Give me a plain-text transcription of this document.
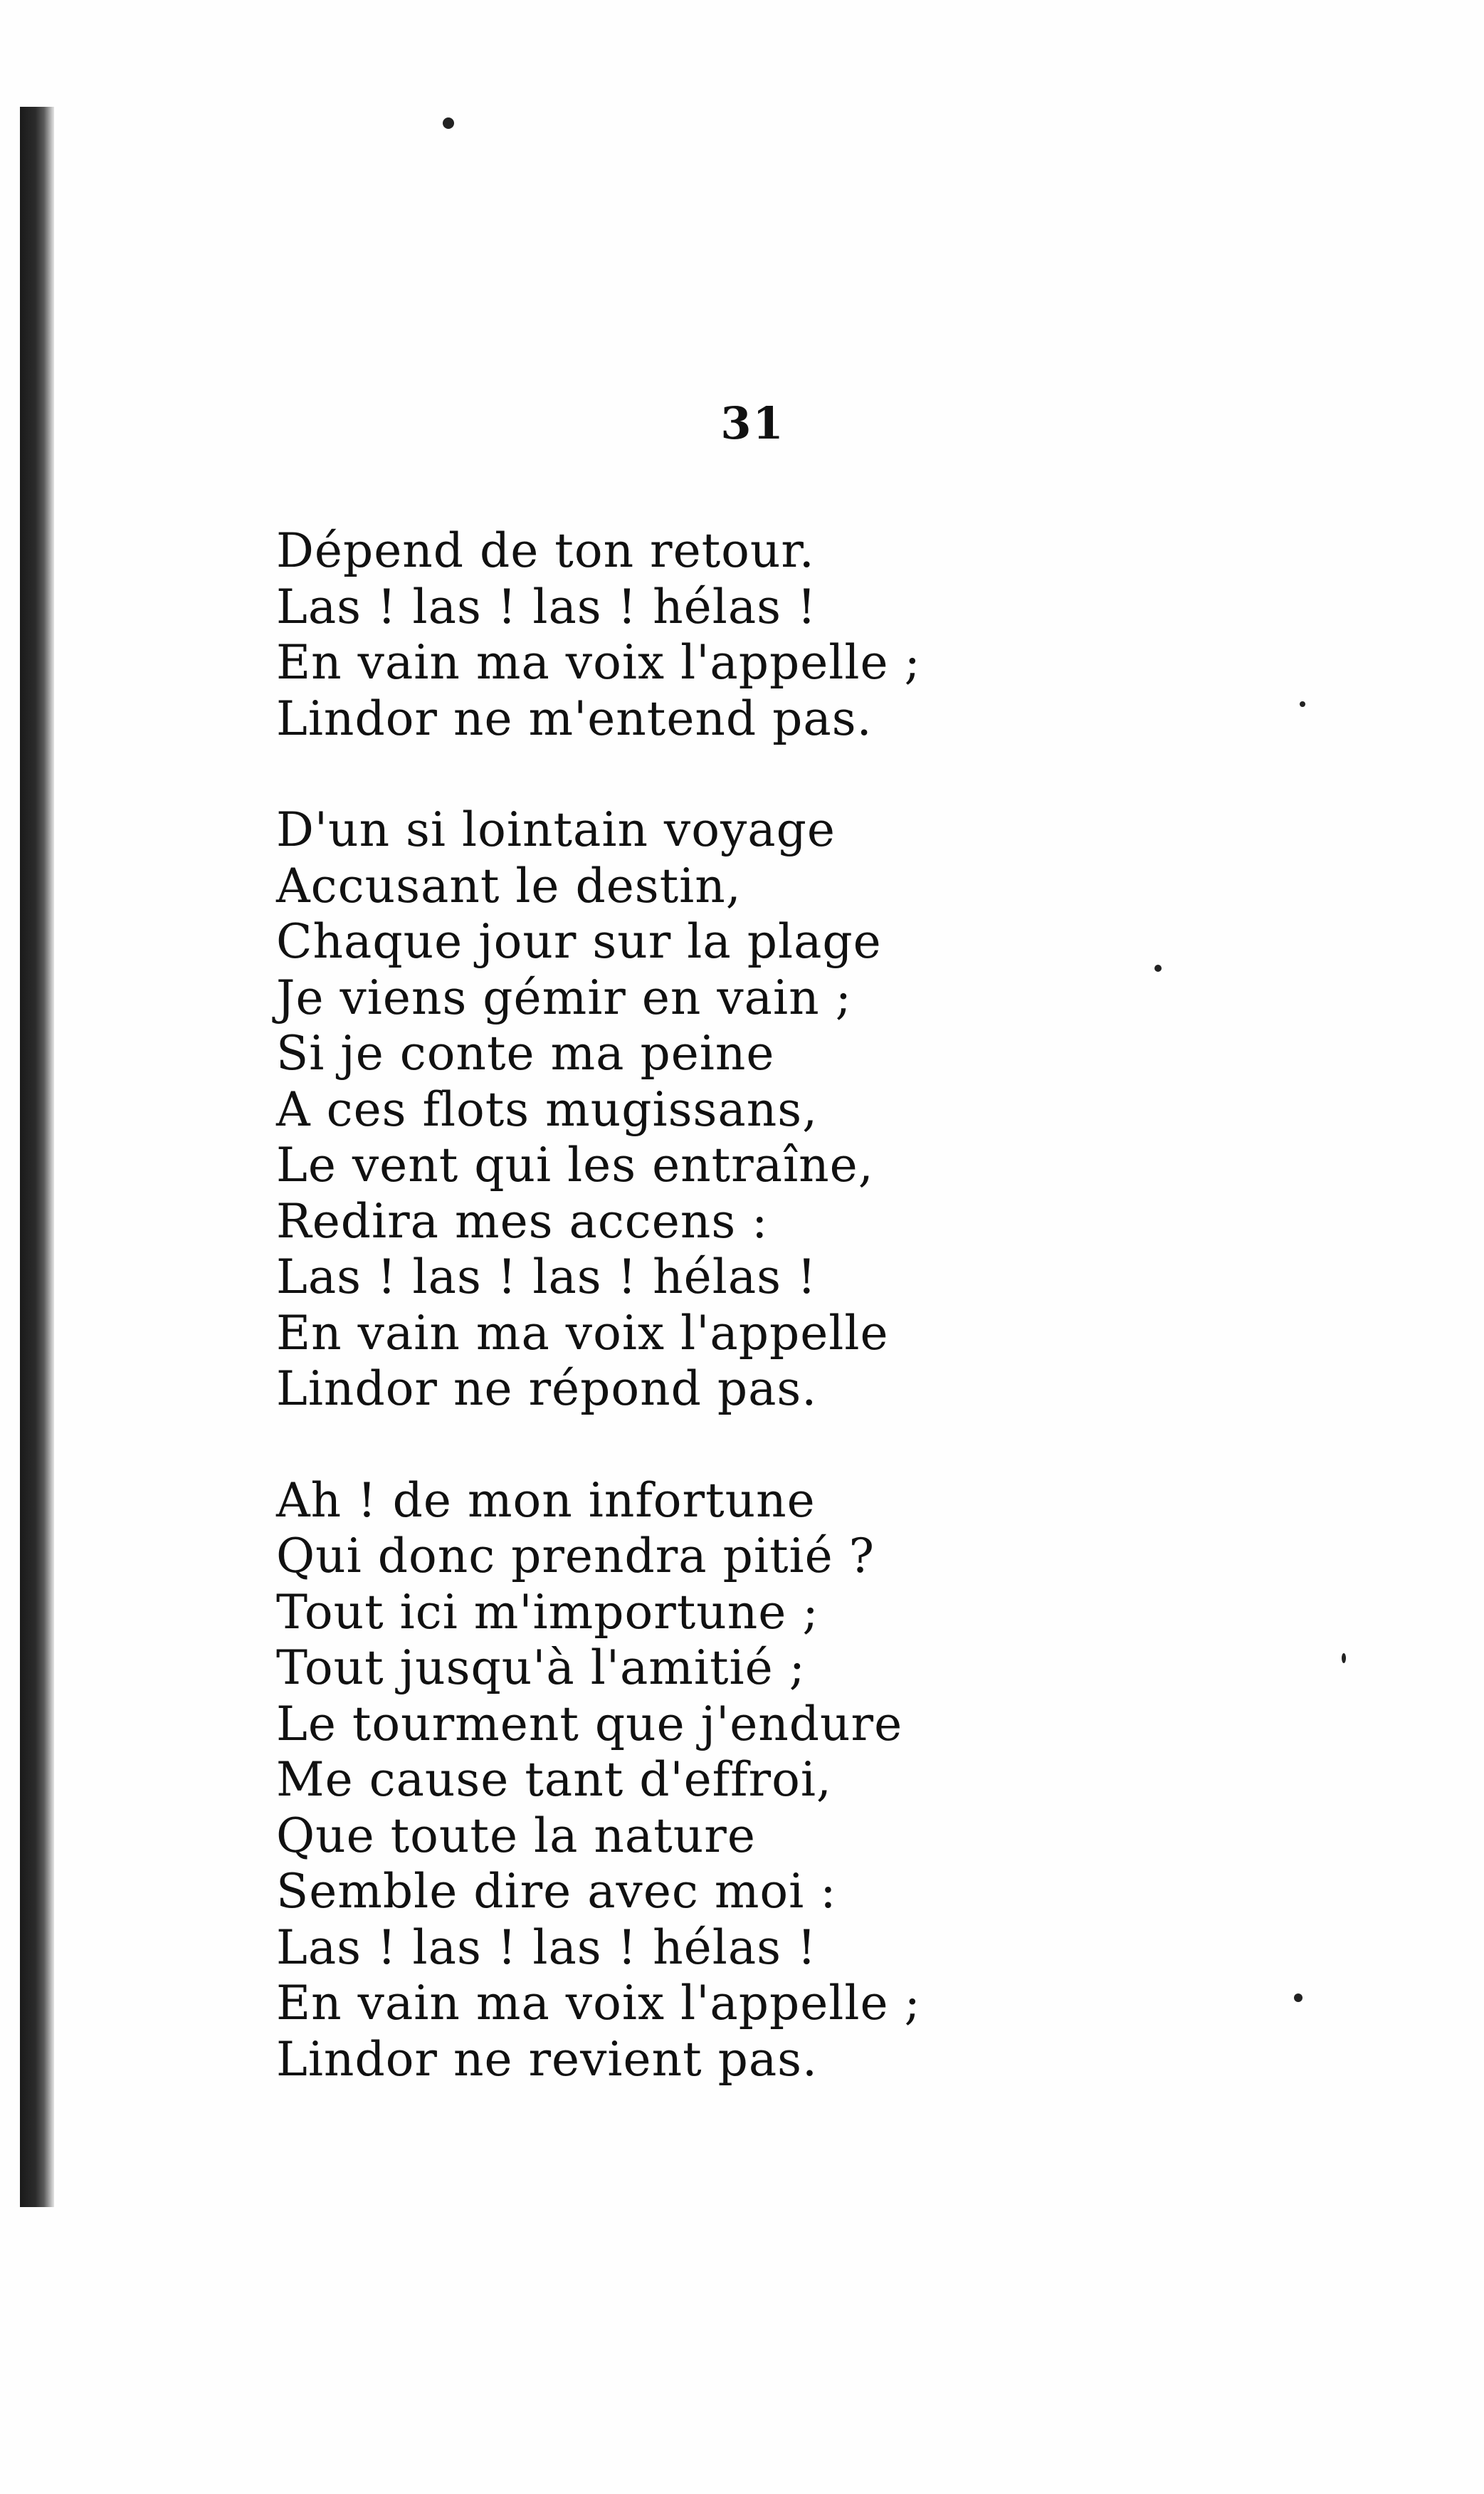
31
Dépend de ton retour.
Las ! las ! las ! hélas !
En vain ma voix l'appelle ;
Lindor ne m'entend pas.
D'un si lointain voyage
Accusant le destin,
Chaque jour sur la plage
Je viens gémir en vain ;
Si je conte ma peine
A ces flots mugissans,
Le vent qui les entraîne,
Redira mes accens :
Las ! las ! las ! hélas !
En vain ma voix l'appelle
Lindor ne répond pas.
Ah ! de mon infortune
Qui donc prendra pitié ?
Tout ici m'importune ;
Tout jusqu'à l'amitié ;
Le tourment que j'endure
Me cause tant d'effroi,
Que toute la nature
Semble dire avec moi :
Las ! las ! las ! hélas !
En vain ma voix l'appelle ;
Lindor ne revient pas.
